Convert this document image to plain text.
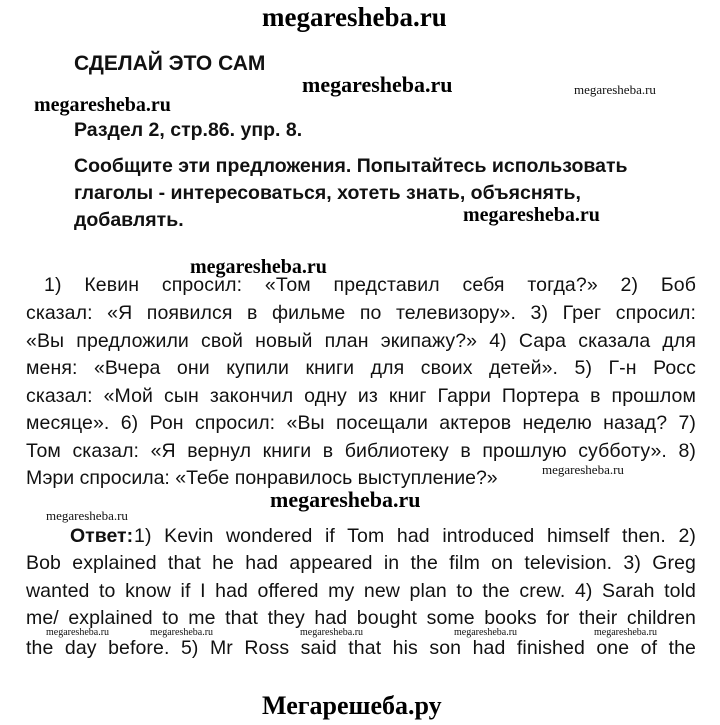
megaresheba.ru
megaresheba.ru	megaresheba.ru
megaresheba.ru
megaresheba.ru
megaresheba.ru
megaresheba.ru
megaresheba.ru
megaresheba.ru
СДЕЛАЙ ЭТО САМ
Раздел 2, стр.86. упр. 8.
Сообщите эти предложения. Попытайтесь использовать
глаголы - интересоваться, хотеть знать, объяснять,
добавлять.
1) Кевин спросил: «Том представил себя тогда?» 2) Боб
сказал: «Я появился в фильме по телевизору». 3) Грег спросил:
«Вы предложили свой новый план экипажу?» 4) Сара сказала для
меня: «Вчера они купили книги для своих детей». 5) Г-н Росс
сказал: «Мой сын закончил одну из книг Гарри Портера в прошлом
месяце». 6) Рон спросил: «Вы посещали актеров неделю назад? 7)
Том сказал: «Я вернул книги в библиотеку в прошлую субботу». 8)
Мэри спросила: «Тебе понравилось выступление?»
Ответ: 1) Kevin wondered if Tom had introduced himself then. 2)
Bob explained that he had appeared in the film on television. 3) Greg
wanted to know if I had offered my new plan to the crew. 4) Sarah told
me/ explained to me that they had bought some books for their children
the day before. 5) Mr Ross said that his son had finished one of the
megaresheba.ru	megaresheba.ru	megaresheba.ru	megaresheba.ru
megaresheba.ru
Мегарешеба.ру
